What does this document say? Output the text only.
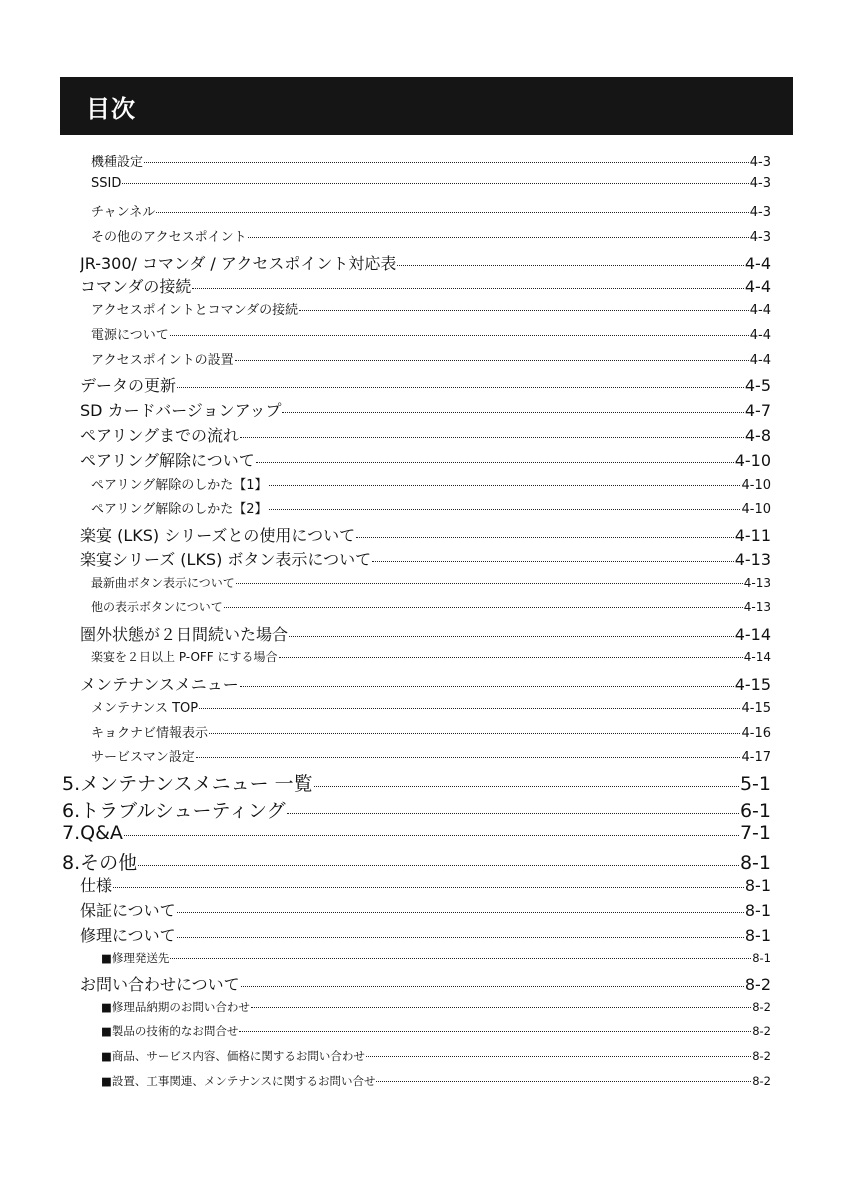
目次
機種設定	4-3
SSID	4-3
チャンネル	4-3
その他のアクセスポイント	4-3
JR-300/ コマンダ / アクセスポイント対応表	4-4
コマンダの接続	4-4
アクセスポイントとコマンダの接続	4-4
電源について	4-4
アクセスポイントの設置	4-4
データの更新	4-5
SD カードバージョンアップ	4-7
ペアリングまでの流れ	4-8
ペアリング解除について	4-10
ペアリング解除のしかた【1】	4-10
ペアリング解除のしかた【2】	4-10
楽宴 (LKS) シリーズとの使用について	4-11
楽宴シリーズ (LKS) ボタン表示について	4-13
最新曲ボタン表示について	4-13
他の表示ボタンについて	4-13
圏外状態が２日間続いた場合	4-14
楽宴を２日以上 P-OFF にする場合	4-14
メンテナンスメニュー	4-15
メンテナンス TOP	4-15
キョクナビ情報表示	4-16
サービスマン設定	4-17
5.メンテナンスメニュー 一覧	5-1
6.トラブルシューティング	6-1
7.Q&A	7-1
8.その他	8-1
仕様	8-1
保証について	8-1
修理について	8-1
■修理発送先	8-1
お問い合わせについて	8-2
■修理品納期のお問い合わせ	8-2
■製品の技術的なお問合せ	8-2
■商品、サービス内容、価格に関するお問い合わせ	8-2
■設置、工事関連、メンテナンスに関するお問い合せ	8-2
